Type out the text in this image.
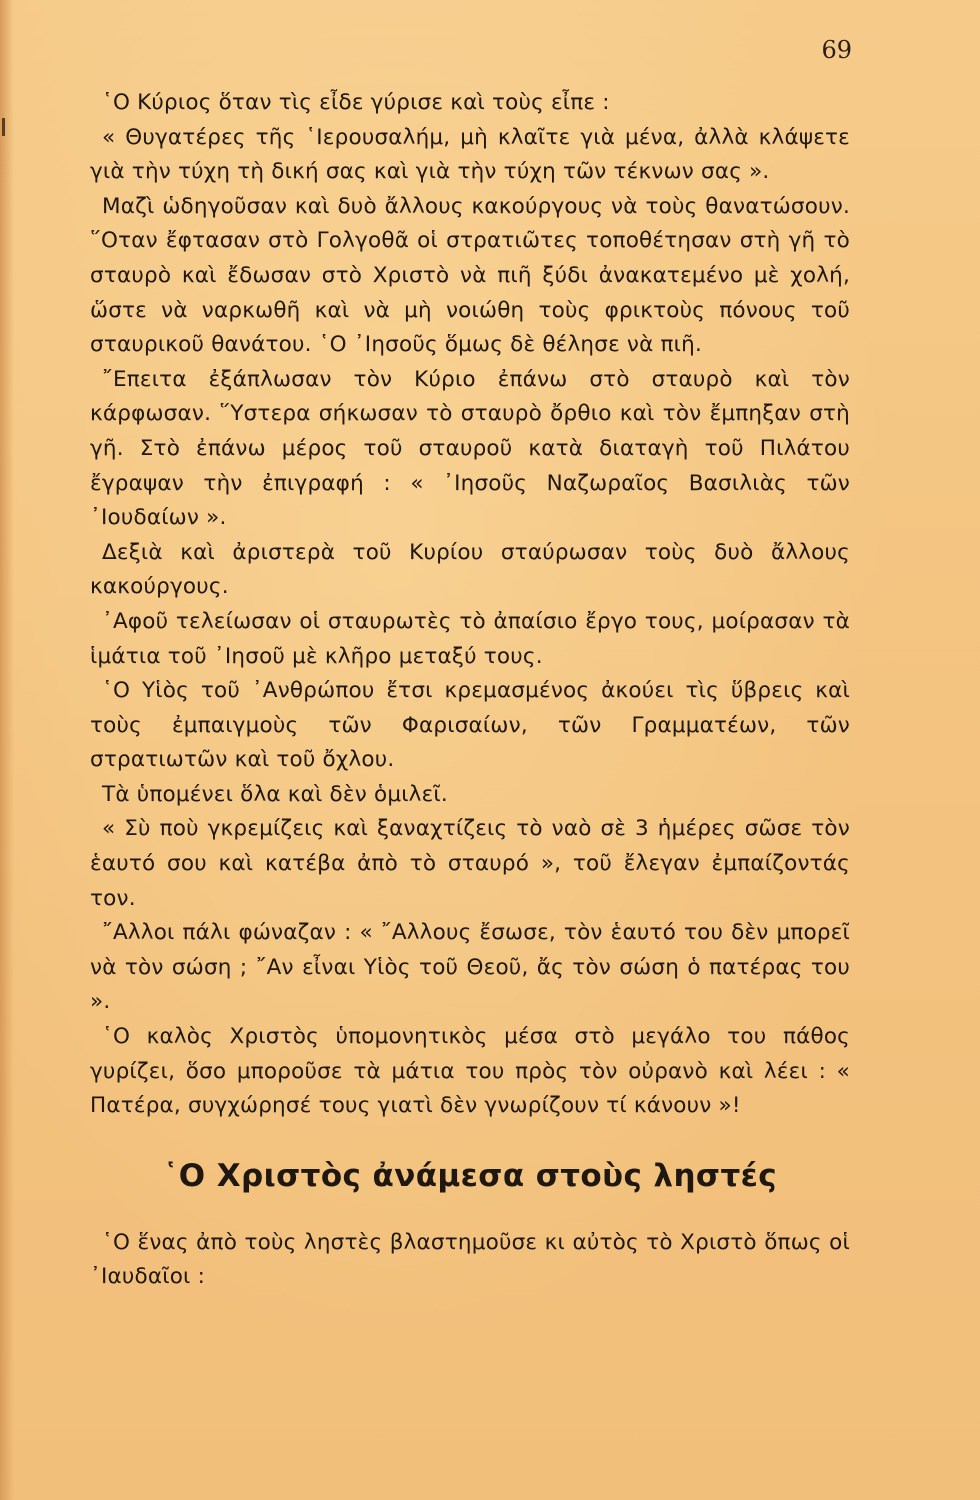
69

῾Ο Κύριος ὅταν τὶς εἶδε γύρισε καὶ τοὺς εἶπε :

« Θυγατέρες τῆς ῾Ιερουσαλήμ, μὴ κλαῖτε γιὰ μένα, ἀλλὰ κλάψετε γιὰ τὴν τύχη τὴ δική σας καὶ γιὰ τὴν τύχη τῶν τέκνων σας ».

Μαζὶ ὡδηγοῦσαν καὶ δυὸ ἄλλους κακούργους νὰ τοὺς θανατώσουν. ῞Οταν ἔφτασαν στὸ Γολγοθᾶ οἱ στρατιῶτες τοποθέτησαν στὴ γῆ τὸ σταυρὸ καὶ ἔδωσαν στὸ Χριστὸ νὰ πιῆ ξύδι ἀνακατεμένο μὲ χολή, ὥστε νὰ ναρκωθῆ καὶ νὰ μὴ νοιώθη τοὺς φρικτοὺς πόνους τοῦ σταυρικοῦ θανάτου. ῾Ο ᾿Ιησοῦς ὅμως δὲ θέλησε νὰ πιῆ.

῎Επειτα ἐξάπλωσαν τὸν Κύριο ἐπάνω στὸ σταυρὸ καὶ τὸν κάρφωσαν. ῞Υστερα σήκωσαν τὸ σταυρὸ ὄρθιο καὶ τὸν ἔμπηξαν στὴ γῆ. Στὸ ἐπάνω μέρος τοῦ σταυροῦ κατὰ διαταγὴ τοῦ Πιλάτου ἔγραψαν τὴν ἐπιγραφή : « ᾿Ιησοῦς Ναζωραῖος Βασιλιὰς τῶν ᾿Ιουδαίων ».

Δεξιὰ καὶ ἀριστερὰ τοῦ Κυρίου σταύρωσαν τοὺς δυὸ ἄλλους κακούργους.

᾿Αφοῦ τελείωσαν οἱ σταυρωτὲς τὸ ἀπαίσιο ἔργο τους, μοίρασαν τὰ ἱμάτια τοῦ ᾿Ιησοῦ μὲ κλῆρο μεταξύ τους.

῾Ο Υἱὸς τοῦ ᾿Ανθρώπου ἔτσι κρεμασμένος ἀκούει τὶς ὕβρεις καὶ τοὺς ἐμπαιγμοὺς τῶν Φαρισαίων, τῶν Γραμματέων, τῶν στρατιωτῶν καὶ τοῦ ὄχλου.

Τὰ ὑπομένει ὅλα καὶ δὲν ὁμιλεῖ.

« Σὺ ποὺ γκρεμίζεις καὶ ξαναχτίζεις τὸ ναὸ σὲ 3 ἡμέρες σῶσε τὸν ἑαυτό σου καὶ κατέβα ἀπὸ τὸ σταυρό », τοῦ ἔλεγαν ἐμπαίζοντάς τον.

῎Αλλοι πάλι φώναζαν : « ῎Αλλους ἔσωσε, τὸν ἑαυτό του δὲν μπορεῖ νὰ τὸν σώση ; ῎Αν εἶναι Υἱὸς τοῦ Θεοῦ, ἄς τὸν σώση ὁ πατέρας του ».

῾Ο καλὸς Χριστὸς ὑπομονητικὸς μέσα στὸ μεγάλο του πάθος γυρίζει, ὅσο μποροῦσε τὰ μάτια του πρὸς τὸν οὐρανὸ καὶ λέει : « Πατέρα, συγχώρησέ τους γιατὶ δὲν γνωρίζουν τί κάνουν »!

῾Ο Χριστὸς ἀνάμεσα στοὺς ληστές

῾Ο ἕνας ἀπὸ τοὺς ληστὲς βλαστημοῦσε κι αὐτὸς τὸ Χριστὸ ὅπως οἱ ᾿Ιαυδαῖοι :
